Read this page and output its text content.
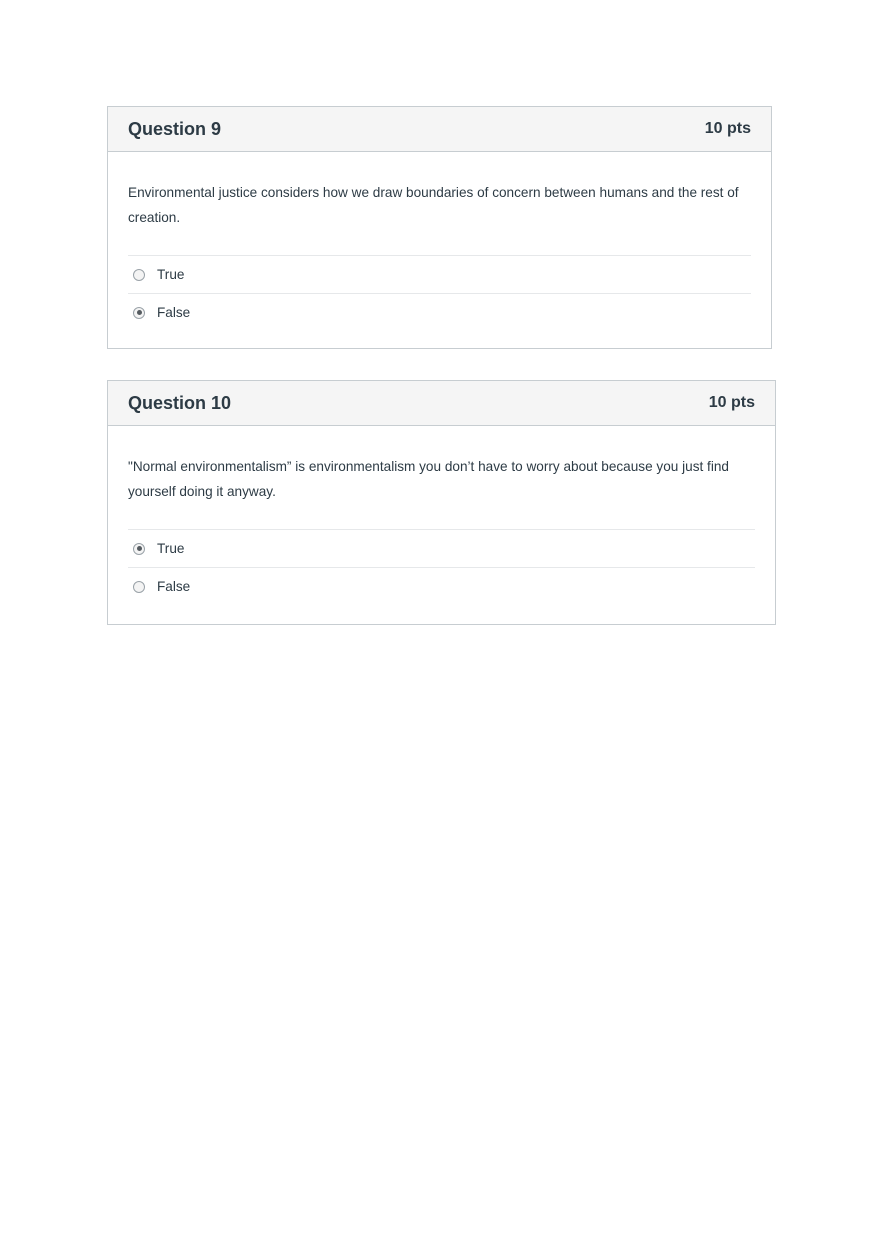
Question 9	10 pts

Environmental justice considers how we draw boundaries of concern between humans and the rest of creation.

True
False
Question 10	10 pts

"Normal environmentalism” is environmentalism you don’t have to worry about because you just find yourself doing it anyway.

True
False
